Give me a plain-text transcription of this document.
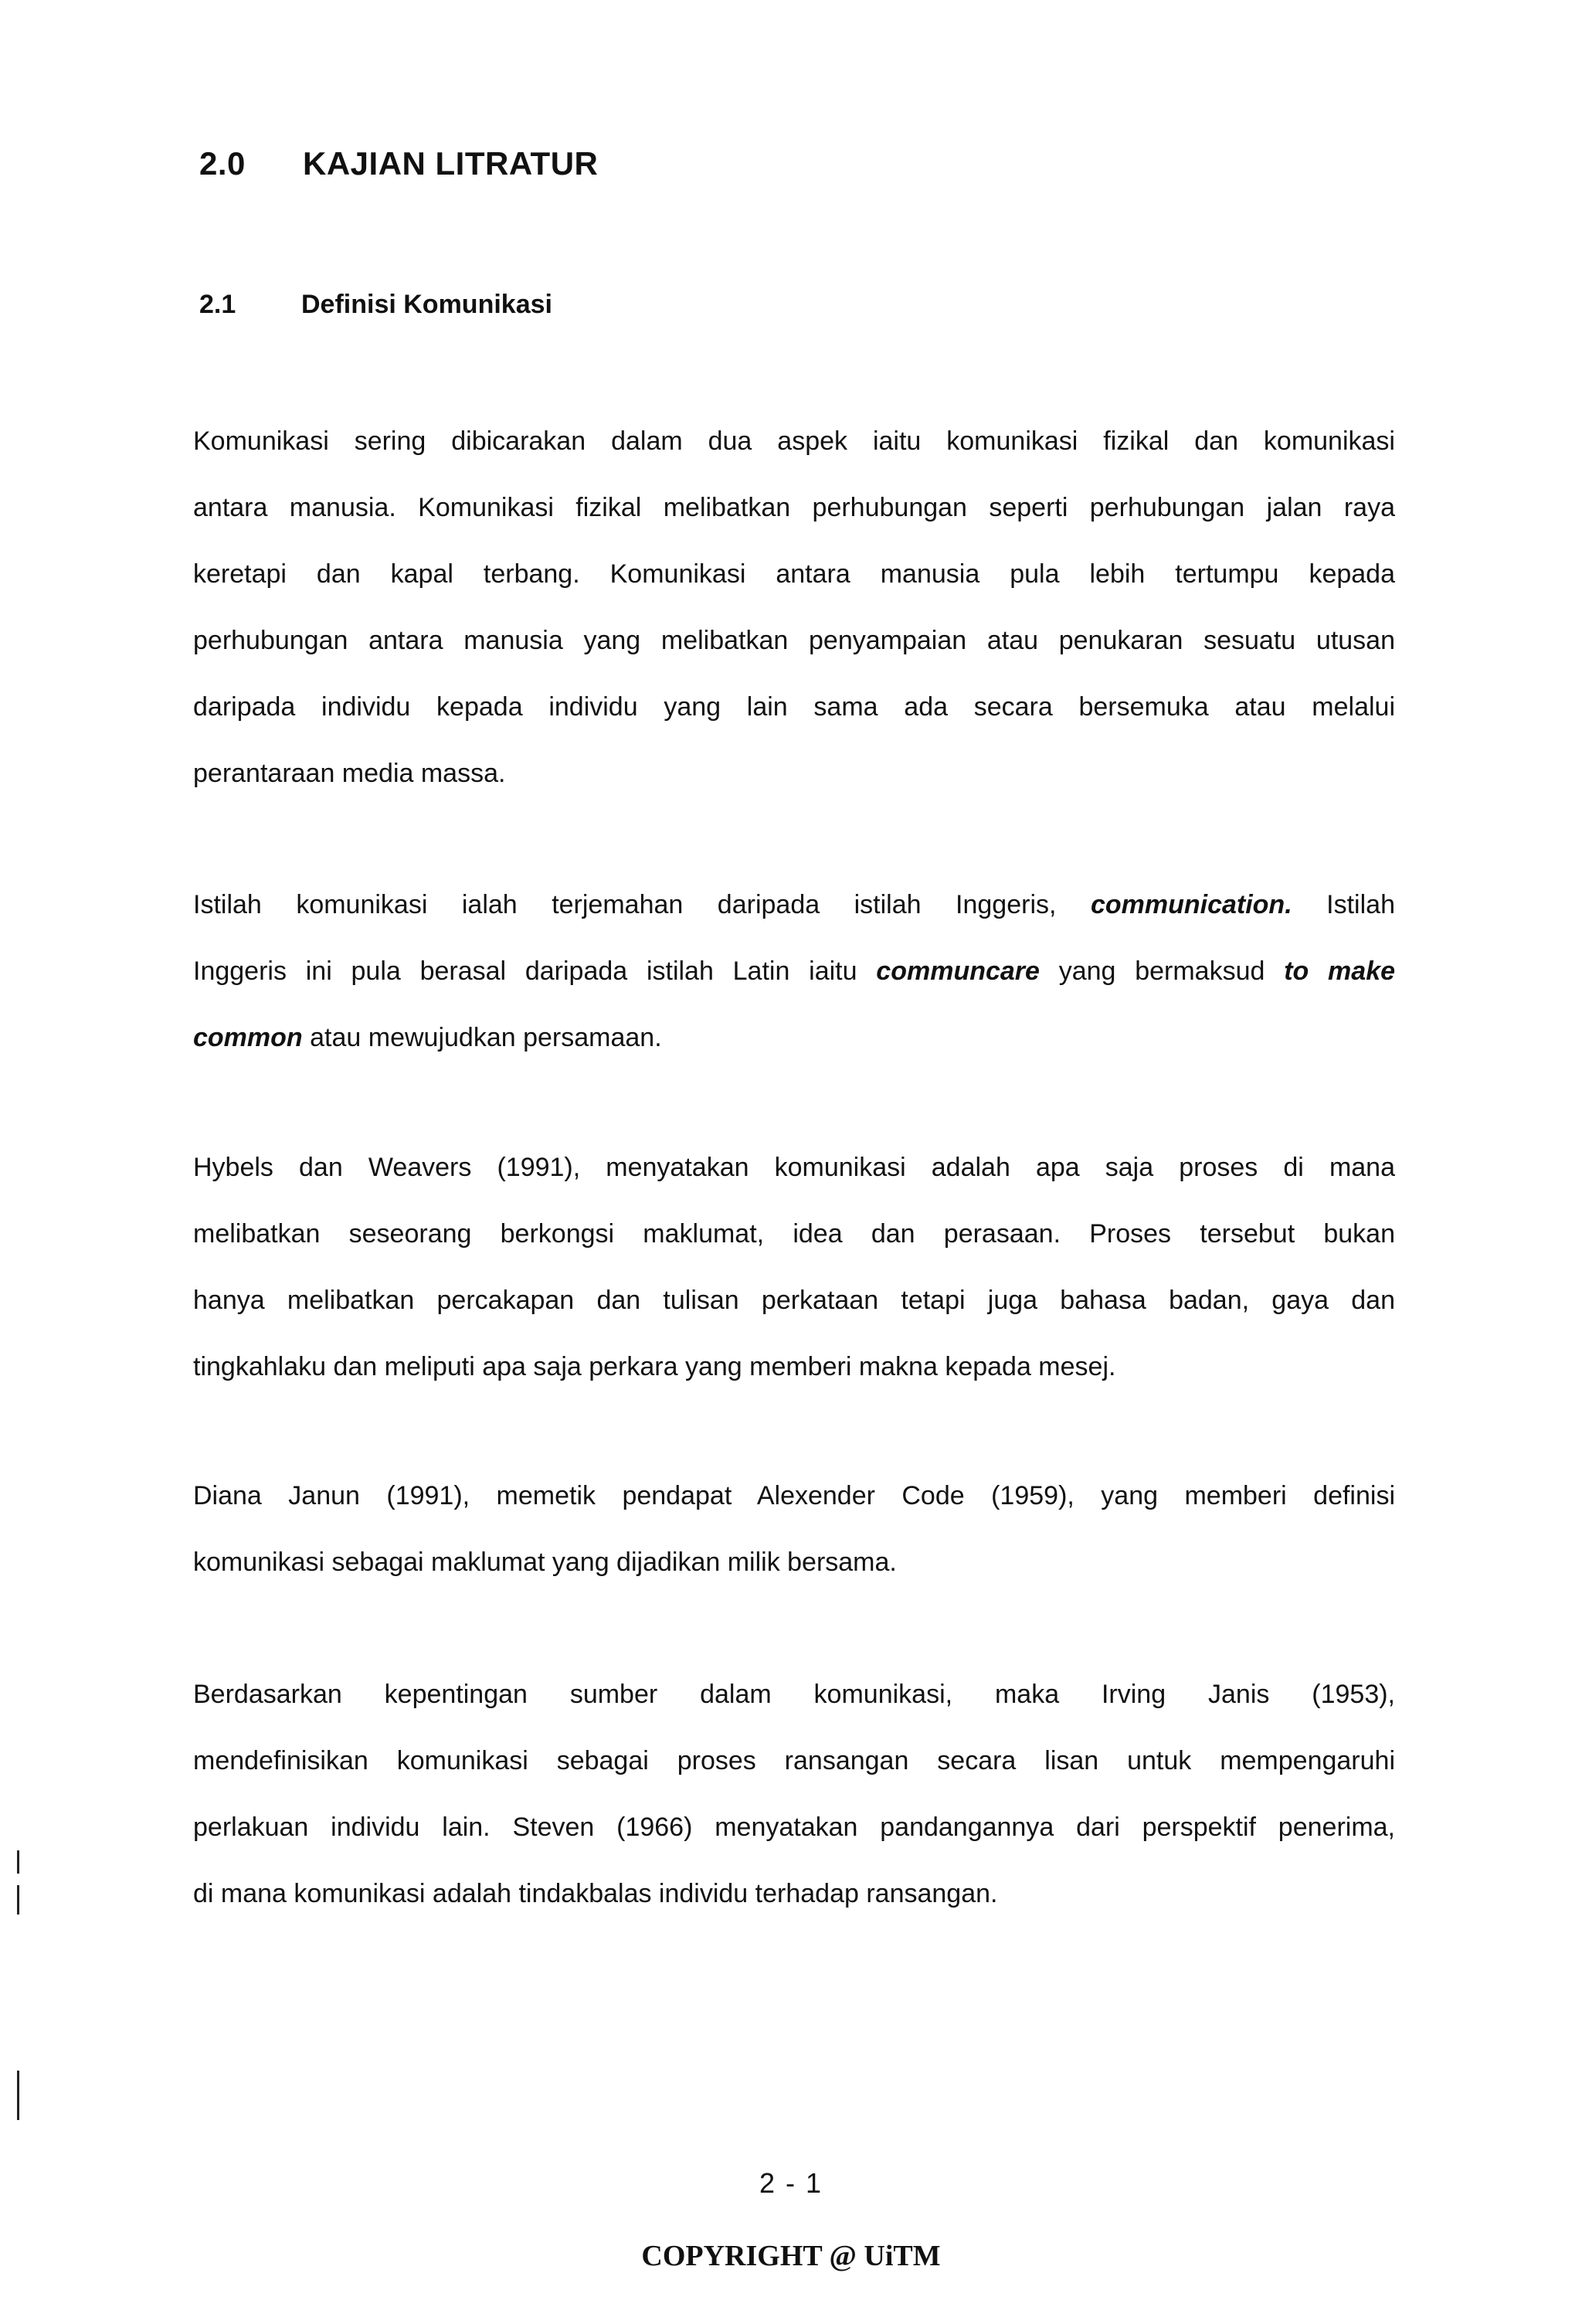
2.0 KAJIAN LITRATUR
2.1 Definisi Komunikasi

Komunikasi sering dibicarakan dalam dua aspek iaitu komunikasi fizikal dan komunikasi
antara manusia. Komunikasi fizikal melibatkan perhubungan seperti perhubungan jalan raya
keretapi dan kapal terbang. Komunikasi antara manusia pula lebih tertumpu kepada
perhubungan antara manusia yang melibatkan penyampaian atau penukaran sesuatu utusan
daripada individu kepada individu yang lain sama ada secara bersemuka atau melalui
perantaraan media massa.

Istilah komunikasi ialah terjemahan daripada istilah Inggeris, communication. Istilah
Inggeris ini pula berasal daripada istilah Latin iaitu communcare yang bermaksud to make
common atau mewujudkan persamaan.

Hybels dan Weavers (1991), menyatakan komunikasi adalah apa saja proses di mana
melibatkan seseorang berkongsi maklumat, idea dan perasaan. Proses tersebut bukan
hanya melibatkan percakapan dan tulisan perkataan tetapi juga bahasa badan, gaya dan
tingkahlaku dan meliputi apa saja perkara yang memberi makna kepada mesej.

Diana Janun (1991), memetik pendapat Alexender Code (1959), yang memberi definisi
komunikasi sebagai maklumat yang dijadikan milik bersama.

Berdasarkan kepentingan sumber dalam komunikasi, maka Irving Janis (1953),
mendefinisikan komunikasi sebagai proses ransangan secara lisan untuk mempengaruhi
perlakuan individu lain. Steven (1966) menyatakan pandangannya dari perspektif penerima,
di mana komunikasi adalah tindakbalas individu terhadap ransangan.

2 - 1
COPYRIGHT @ UiTM
